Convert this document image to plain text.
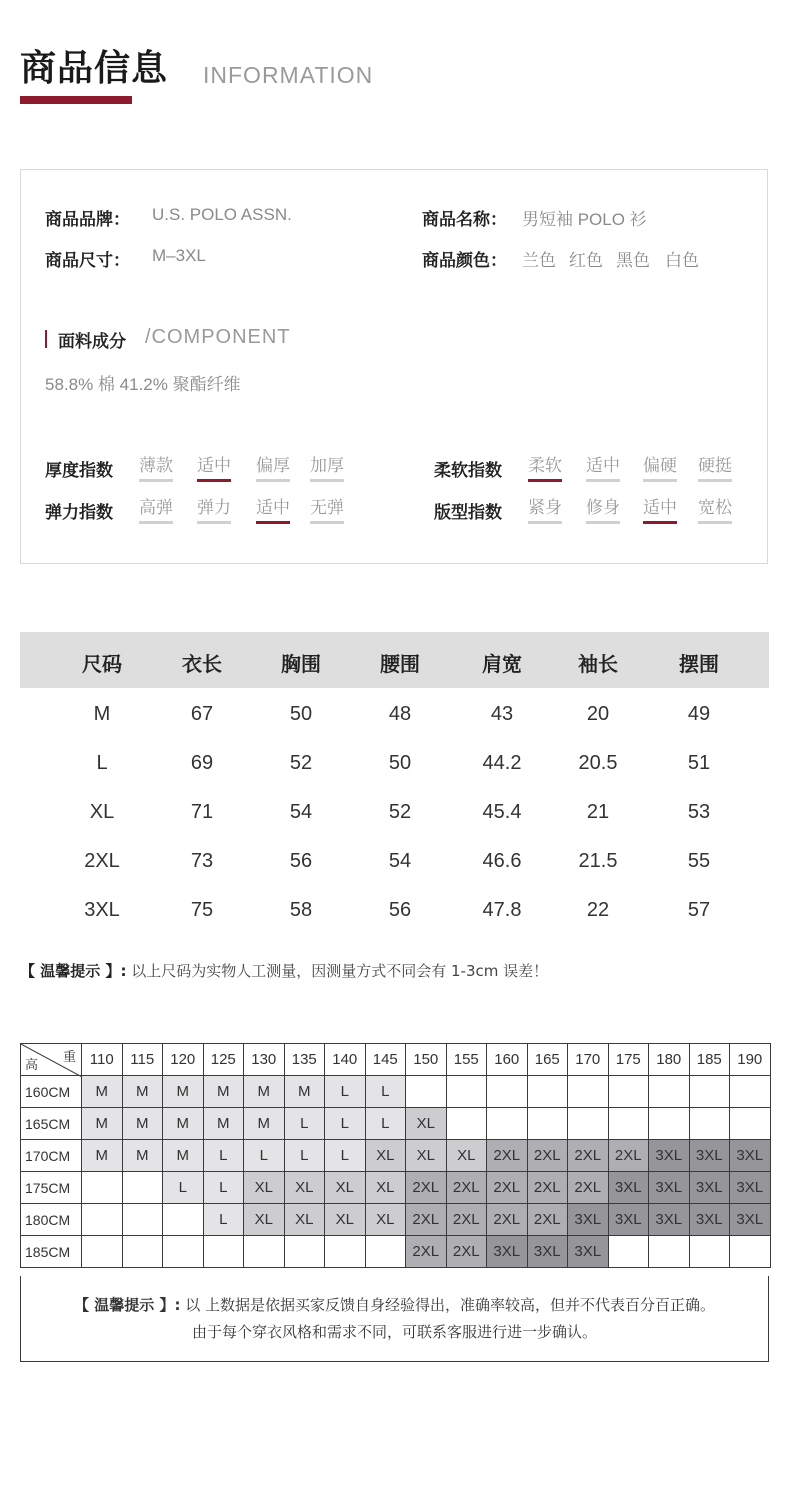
商品信息 INFORMATION
商品品牌： U.S. POLO ASSN.	商品名称： 男短袖 POLO 衫
商品尺寸： M–3XL	商品颜色： 兰色 红色 黑色 白色
面料成分 /COMPONENT
58.8% 棉 41.2% 聚酯纤维
厚度指数 薄款 适中 偏厚 加厚
弹力指数 高弹 弹力 适中 无弹
柔软指数 柔软 适中 偏硬 硬挺
版型指数 紧身 修身 适中 宽松
尺码	衣长	胸围	腰围	肩宽	袖长	摆围
M	67	50	48	43	20	49
L	69	52	50	44.2	20.5	51
XL	71	54	52	45.4	21	53
2XL	73	56	54	46.6	21.5	55
3XL	75	58	56	47.8	22	57
【 温馨提示 】: 以上尺码为实物人工测量，因测量方式不同会有 1-3cm 误差！
重
高	110	115	120	125	130	135	140	145	150	155	160	165	170	175	180	185	190
160CM	M	M	M	M	M	M	L	L									
165CM	M	M	M	M	M	L	L	L	XL								
170CM	M	M	M	L	L	L	L	XL	XL	XL	2XL	2XL	2XL	2XL	3XL	3XL	3XL
175CM			L	L	XL	XL	XL	XL	2XL	2XL	2XL	2XL	2XL	3XL	3XL	3XL	3XL
180CM				L	XL	XL	XL	XL	2XL	2XL	2XL	2XL	3XL	3XL	3XL	3XL	3XL
185CM									2XL	2XL	3XL	3XL	3XL				
【 温馨提示 】: 以 上数据是依据买家反馈自身经验得出，准确率较高，但并不代表百分百正确。
由于每个穿衣风格和需求不同，可联系客服进行进一步确认。
